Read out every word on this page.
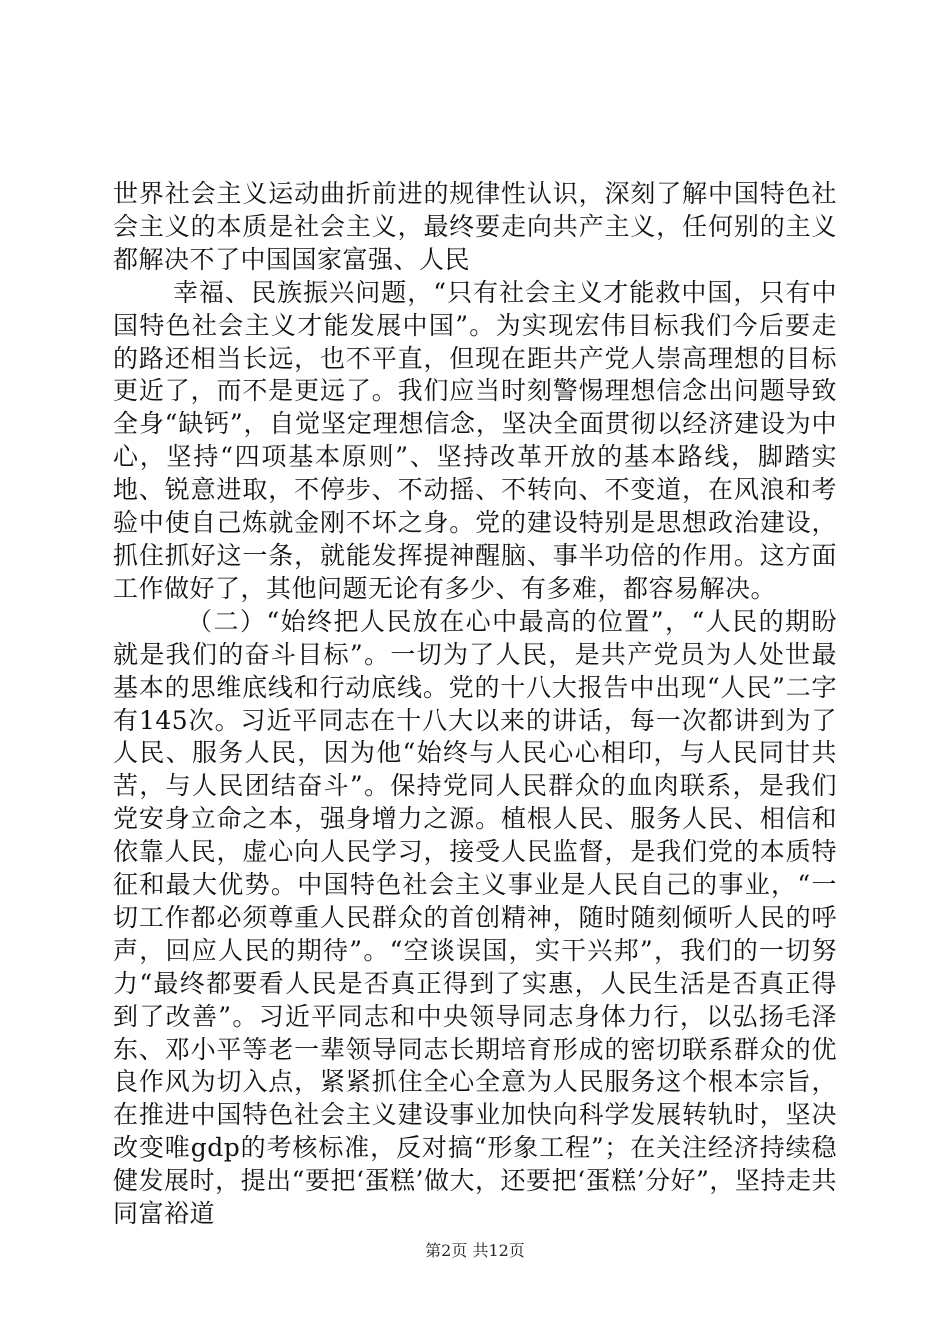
世界社会主义运动曲折前进的规律性认识，深刻了解中国特色社会主义的本质是社会主义，最终要走向共产主义，任何别的主义都解决不了中国国家富强、人民

幸福、民族振兴问题，“只有社会主义才能救中国，只有中国特色社会主义才能发展中国”。为实现宏伟目标我们今后要走的路还相当长远，也不平直，但现在距共产党人崇高理想的目标更近了，而不是更远了。我们应当时刻警惕理想信念出问题导致全身“缺钙”，自觉坚定理想信念，坚决全面贯彻以经济建设为中心，坚持“四项基本原则”、坚持改革开放的基本路线，脚踏实地、锐意进取，不停步、不动摇、不转向、不变道，在风浪和考验中使自己炼就金刚不坏之身。党的建设特别是思想政治建设，抓住抓好这一条，就能发挥提神醒脑、事半功倍的作用。这方面工作做好了，其他问题无论有多少、有多难，都容易解决。

（二）“始终把人民放在心中最高的位置”，“人民的期盼就是我们的奋斗目标”。一切为了人民，是共产党员为人处世最基本的思维底线和行动底线。党的十八大报告中出现“人民”二字有145次。习近平同志在十八大以来的讲话，每一次都讲到为了人民、服务人民，因为他“始终与人民心心相印，与人民同甘共苦，与人民团结奋斗”。保持党同人民群众的血肉联系，是我们党安身立命之本，强身增力之源。植根人民、服务人民、相信和依靠人民，虚心向人民学习，接受人民监督，是我们党的本质特征和最大优势。中国特色社会主义事业是人民自己的事业，“一切工作都必须尊重人民群众的首创精神，随时随刻倾听人民的呼声，回应人民的期待”。“空谈误国，实干兴邦”，我们的一切努力“最终都要看人民是否真正得到了实惠，人民生活是否真正得到了改善”。习近平同志和中央领导同志身体力行，以弘扬毛泽东、邓小平等老一辈领导同志长期培育形成的密切联系群众的优良作风为切入点，紧紧抓住全心全意为人民服务这个根本宗旨，在推进中国特色社会主义建设事业加快向科学发展转轨时，坚决改变唯gdp的考核标准，反对搞“形象工程”；在关注经济持续稳健发展时，提出“要把‘蛋糕’做大，还要把‘蛋糕’分好”，坚持走共同富裕道

第2页 共12页
